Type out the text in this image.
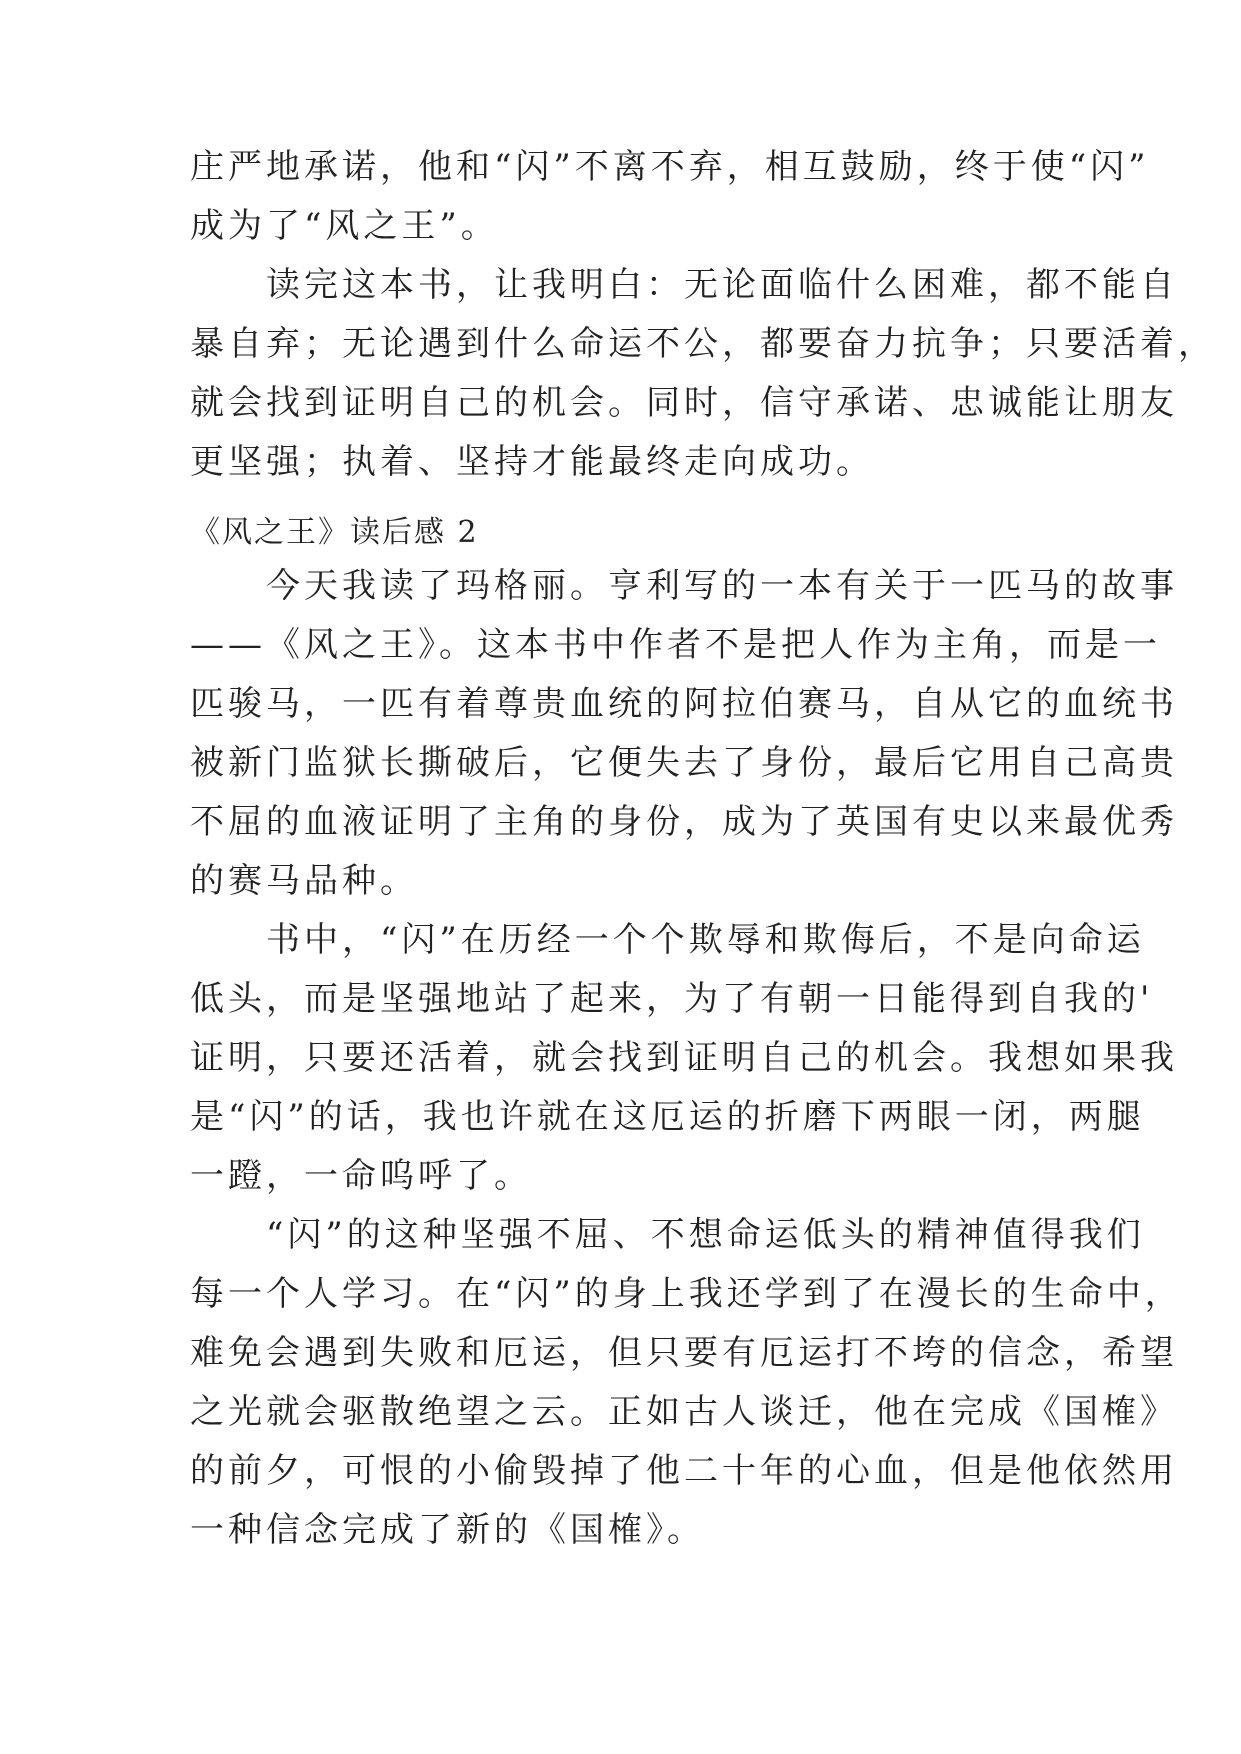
庄严地承诺，他和“闪”不离不弃，相互鼓励，终于使“闪”
成为了“风之王”。
　　读完这本书，让我明白：无论面临什么困难，都不能自
暴自弃；无论遇到什么命运不公，都要奋力抗争；只要活着，
就会找到证明自己的机会。同时，信守承诺、忠诚能让朋友
更坚强；执着、坚持才能最终走向成功。
《风之王》读后感 2
　　今天我读了玛格丽。亨利写的一本有关于一匹马的故事
——《风之王》。这本书中作者不是把人作为主角，而是一
匹骏马，一匹有着尊贵血统的阿拉伯赛马，自从它的血统书
被新门监狱长撕破后，它便失去了身份，最后它用自己高贵
不屈的血液证明了主角的身份，成为了英国有史以来最优秀
的赛马品种。
　　书中，“闪”在历经一个个欺辱和欺侮后，不是向命运
低头，而是坚强地站了起来，为了有朝一日能得到自我的'
证明，只要还活着，就会找到证明自己的机会。我想如果我
是“闪”的话，我也许就在这厄运的折磨下两眼一闭，两腿
一蹬，一命呜呼了。
　　“闪”的这种坚强不屈、不想命运低头的精神值得我们
每一个人学习。在“闪”的身上我还学到了在漫长的生命中，
难免会遇到失败和厄运，但只要有厄运打不垮的信念，希望
之光就会驱散绝望之云。正如古人谈迁，他在完成《国榷》
的前夕，可恨的小偷毁掉了他二十年的心血，但是他依然用
一种信念完成了新的《国榷》。
